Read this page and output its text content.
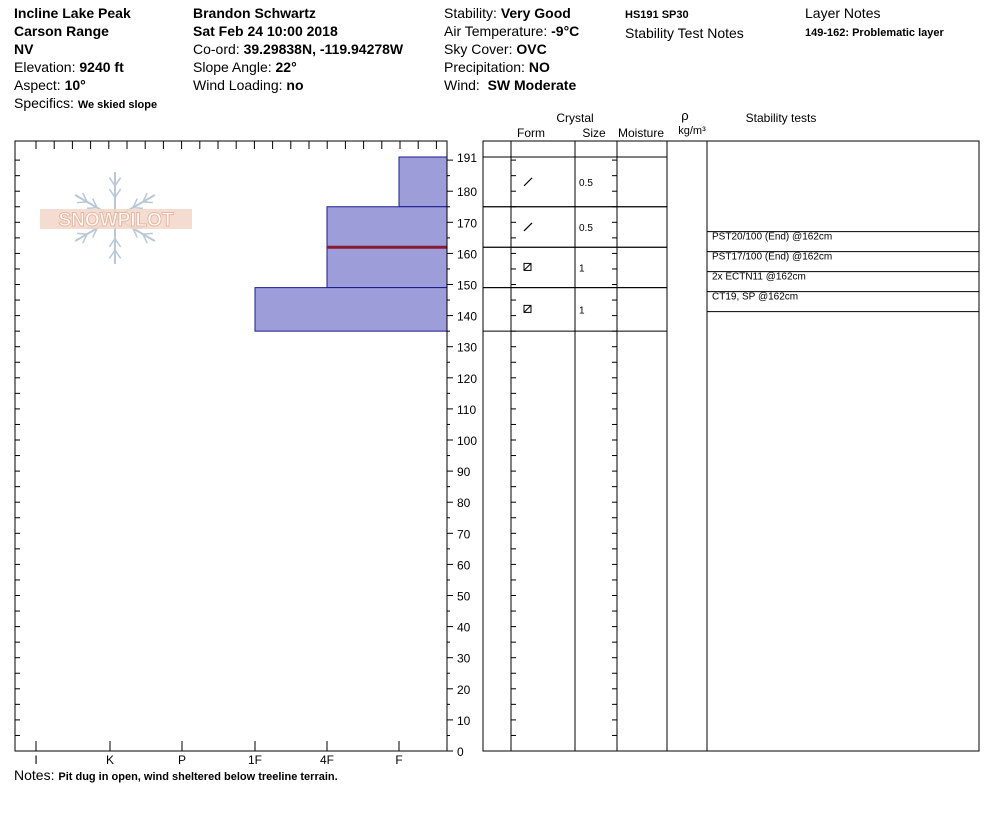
Incline Lake Peak
Carson Range
NV
Elevation: 9240 ft
Aspect: 10°
Specifics: We skied slope
Brandon Schwartz
Sat Feb 24 10:00 2018
Co-ord: 39.29838N, -119.94278W
Slope Angle: 22°
Wind Loading: no
Stability: Very Good
Air Temperature: -9°C
Sky Cover: OVC
Precipitation: NO
Wind: SW Moderate
HS191 SP30
Stability Test Notes
Layer Notes
149-162: Problematic layer
SNOWPILOT
I	K	P	1F	4F	F
0
10
20
30
40
50
60
70
80
90
100
110
120
130
140
150
160
170
180
191
0.5
0.5
1
1
PST20/100 (End) @162cm
PST17/100 (End) @162cm
2x ECTN11 @162cm
CT19, SP @162cm
Crystal
Form	Size Moisture
ρ
kg/m³
Stability tests
Notes: Pit dug in open, wind sheltered below treeline terrain.
